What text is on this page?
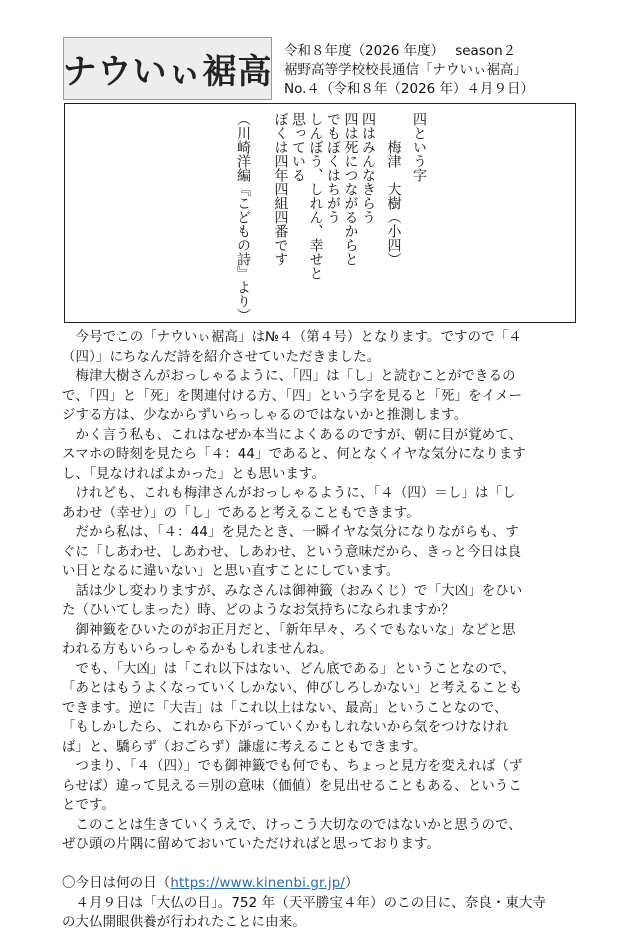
ナウいぃ裾高
令和８年度（2026 年度）　 season２
裾野高等学校校長通信「ナウいぃ裾高」
No.４（令和８年（2026 年）４月９日）
四という字
梅津　大樹（小四）
四はみんなきらう
四は死につながるからと
でもぼくはちがう
しんぼう、しれん、幸せと
思っている
ぼくは四年四組四番です
（川崎洋編『こどもの詩』より）
　今号でこの「ナウいぃ裾高」は№４（第４号）となります。ですので「４
（四）」にちなんだ詩を紹介させていただきました。
　梅津大樹さんがおっしゃるように、「四」は「し」と読むことができるの
で、「四」と「死」を関連付ける方、「四」という字を見ると「死」をイメー
ジする方は、少なからずいらっしゃるのではないかと推測します。
　かく言う私も、これはなぜか本当によくあるのですが、朝に目が覚めて、
スマホの時刻を見たら「４：44」であると、何となくイヤな気分になります
し、「見なければよかった」とも思います。
　けれども、これも梅津さんがおっしゃるように、「４（四）＝し」は「し
あわせ（幸せ）」の「し」であると考えることもできます。
　だから私は、「４：44」を見たとき、一瞬イヤな気分になりながらも、す
ぐに「しあわせ、しあわせ、しあわせ、という意味だから、きっと今日は良
い日となるに違いない」と思い直すことにしています。
　話は少し変わりますが、みなさんは御神籤（おみくじ）で「大凶」をひい
た（ひいてしまった）時、どのようなお気持ちになられますか？
　御神籤をひいたのがお正月だと、「新年早々、ろくでもないな」などと思
われる方もいらっしゃるかもしれませんね。
　でも、「大凶」は「これ以下はない、どん底である」ということなので、
「あとはもうよくなっていくしかない、伸びしろしかない」と考えることも
できます。逆に「大吉」は「これ以上はない、最高」ということなので、
「もしかしたら、これから下がっていくかもしれないから気をつけなけれ
ば」と、驕らず（おごらず）謙虚に考えることもできます。
　つまり、「４（四）」でも御神籤でも何でも、ちょっと見方を変えれば（ず
らせば）違って見える＝別の意味（価値）を見出せることもある、というこ
とです。
　このことは生きていくうえで、けっこう大切なのではないかと思うので、
ぜひ頭の片隅に留めておいていただければと思っております。
〇今日は何の日（https://www.kinenbi.gr.jp/）
　４月９日は「大仏の日」。752 年（天平勝宝４年）のこの日に、奈良・東大寺
の大仏開眼供養が行われたことに由来。
